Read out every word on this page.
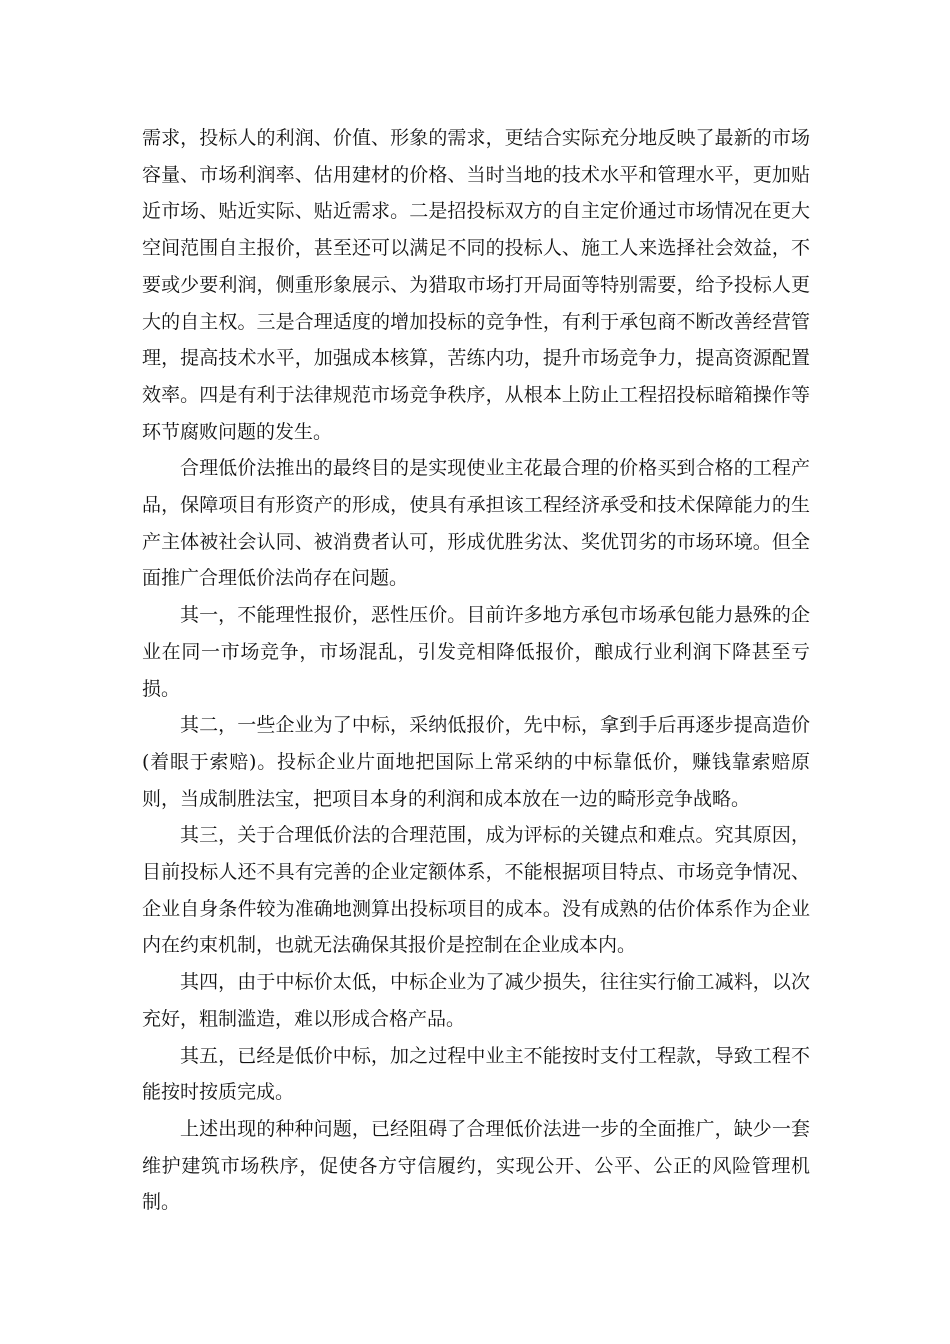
需求，投标人的利润、价值、形象的需求，更结合实际充分地反映了最新的市场容量、市场利润率、估用建材的价格、当时当地的技术水平和管理水平，更加贴近市场、贴近实际、贴近需求。二是招投标双方的自主定价通过市场情况在更大空间范围自主报价，甚至还可以满足不同的投标人、施工人来选择社会效益，不要或少要利润，侧重形象展示、为猎取市场打开局面等特别需要，给予投标人更大的自主权。三是合理适度的增加投标的竞争性，有利于承包商不断改善经营管理，提高技术水平，加强成本核算，苦练内功，提升市场竞争力，提高资源配置效率。四是有利于法律规范市场竞争秩序，从根本上防止工程招投标暗箱操作等环节腐败问题的发生。

合理低价法推出的最终目的是实现使业主花最合理的价格买到合格的工程产品，保障项目有形资产的形成，使具有承担该工程经济承受和技术保障能力的生产主体被社会认同、被消费者认可，形成优胜劣汰、奖优罚劣的市场环境。但全面推广合理低价法尚存在问题。

其一，不能理性报价，恶性压价。目前许多地方承包市场承包能力悬殊的企业在同一市场竞争，市场混乱，引发竞相降低报价，酿成行业利润下降甚至亏损。

其二，一些企业为了中标，采纳低报价，先中标，拿到手后再逐步提高造价(着眼于索赔)。投标企业片面地把国际上常采纳的中标靠低价，赚钱靠索赔原则，当成制胜法宝，把项目本身的利润和成本放在一边的畸形竞争战略。

其三，关于合理低价法的合理范围，成为评标的关键点和难点。究其原因，目前投标人还不具有完善的企业定额体系，不能根据项目特点、市场竞争情况、企业自身条件较为准确地测算出投标项目的成本。没有成熟的估价体系作为企业内在约束机制，也就无法确保其报价是控制在企业成本内。

其四，由于中标价太低，中标企业为了减少损失，往往实行偷工减料，以次充好，粗制滥造，难以形成合格产品。

其五，已经是低价中标，加之过程中业主不能按时支付工程款，导致工程不能按时按质完成。

上述出现的种种问题，已经阻碍了合理低价法进一步的全面推广，缺少一套维护建筑市场秩序，促使各方守信履约，实现公开、公平、公正的风险管理机制。
